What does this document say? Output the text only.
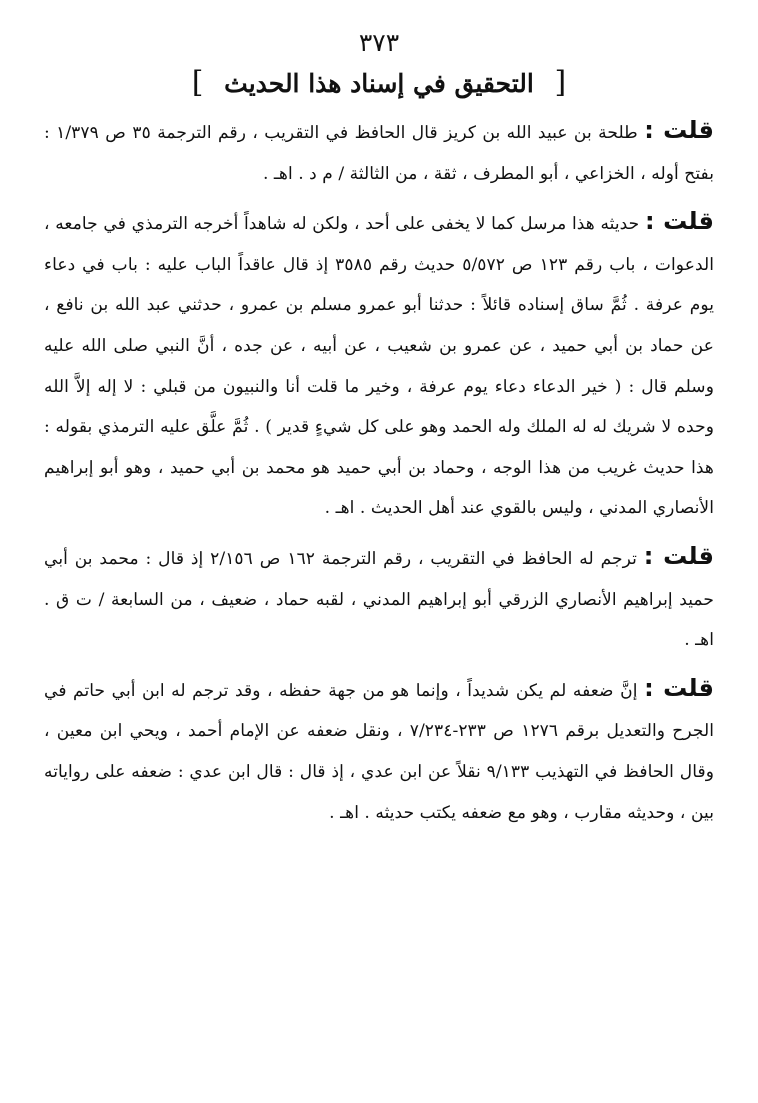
٣٧٣
[ التحقيق في إسناد هذا الحديث ]

قلت : طلحة بن عبيد الله بن كريز قال الحافظ في التقريب ، رقم الترجمة ٣٥ ص ١/٣٧٩ : بفتح أوله ، الخزاعي ، أبو المطرف ، ثقة ، من الثالثة / م د . اهـ .

قلت : حديثه هذا مرسل كما لا يخفى على أحد ، ولكن له شاهداً أخرجه الترمذي في جامعه ، الدعوات ، باب رقم ١٢٣ ص ٥/٥٧٢ حديث رقم ٣٥٨٥ إذ قال عاقداً الباب عليه : باب في دعاء يوم عرفة . ثُمَّ ساق إسناده قائلاً : حدثنا أبو عمرو مسلم بن عمرو ، حدثني عبد الله بن نافع ، عن حماد بن أبي حميد ، عن عمرو بن شعيب ، عن أبيه ، عن جده ، أنَّ النبي صلى الله عليه وسلم قال : ( خير الدعاء دعاء يوم عرفة ، وخير ما قلت أنا والنبيون من قبلي : لا إله إلاَّ الله وحده لا شريك له له الملك وله الحمد وهو على كل شيءٍ قدير ) . ثُمَّ علَّق عليه الترمذي بقوله : هذا حديث غريب من هذا الوجه ، وحماد بن أبي حميد هو محمد بن أبي حميد ، وهو أبو إبراهيم الأنصاري المدني ، وليس بالقوي عند أهل الحديث . اهـ .

قلت : ترجم له الحافظ في التقريب ، رقم الترجمة ١٦٢ ص ٢/١٥٦ إذ قال : محمد بن أبي حميد إبراهيم الأنصاري الزرقي أبو إبراهيم المدني ، لقبه حماد ، ضعيف ، من السابعة / ت ق . اهـ .

قلت : إنَّ ضعفه لم يكن شديداً ، وإنما هو من جهة حفظه ، وقد ترجم له ابن أبي حاتم في الجرح والتعديل برقم ١٢٧٦ ص ٢٣٣-٧/٢٣٤ ، ونقل ضعفه عن الإمام أحمد ، ويحي ابن معين ، وقال الحافظ في التهذيب ٩/١٣٣ نقلاً عن ابن عدي ، إذ قال : قال ابن عدي : ضعفه على رواياته بين ، وحديثه مقارب ، وهو مع ضعفه يكتب حديثه . اهـ .
